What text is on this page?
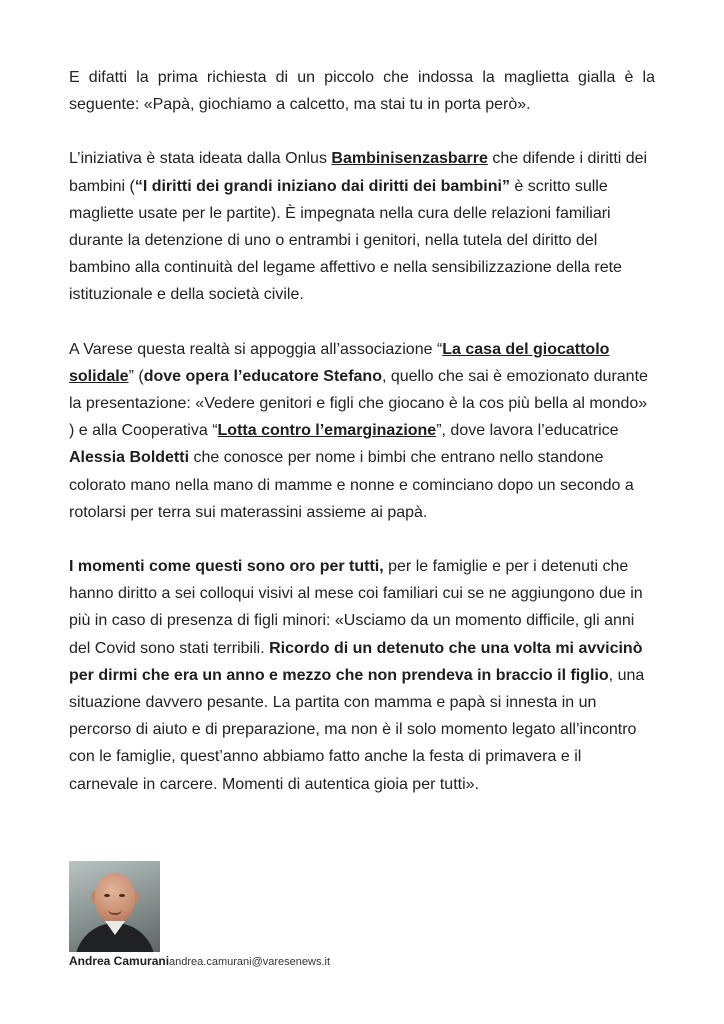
E difatti la prima richiesta di un piccolo che indossa la maglietta gialla è la seguente: «Papà, giochiamo a calcetto, ma stai tu in porta però».

L’iniziativa è stata ideata dalla Onlus Bambinisenzasbarre che difende i diritti dei bambini (“I diritti dei grandi iniziano dai diritti dei bambini” è scritto sulle magliette usate per le partite). È impegnata nella cura delle relazioni familiari durante la detenzione di uno o entrambi i genitori, nella tutela del diritto del bambino alla continuità del legame affettivo e nella sensibilizzazione della rete istituzionale e della società civile.

A Varese questa realtà si appoggia all’associazione “La casa del giocattolo solidale” (dove opera l’educatore Stefano, quello che sai è emozionato durante la presentazione: «Vedere genitori e figli che giocano è la cos più bella al mondo» ) e alla Cooperativa “Lotta contro l’emarginazione”, dove lavora l’educatrice Alessia Boldetti che conosce per nome i bimbi che entrano nello standone colorato mano nella mano di mamme e nonne e cominciano dopo un secondo a rotolarsi per terra sui materassini assieme ai papà.

I momenti come questi sono oro per tutti, per le famiglie e per i detenuti che hanno diritto a sei colloqui visivi al mese coi familiari cui se ne aggiungono due in più in caso di presenza di figli minori: «Usciamo da un momento difficile, gli anni del Covid sono stati terribili. Ricordo di un detenuto che una volta mi avvicinò per dirmi che era un anno e mezzo che non prendeva in braccio il figlio, una situazione davvero pesante. La partita con mamma e papà si innesta in un percorso di aiuto e di preparazione, ma non è il solo momento legato all’incontro con le famiglie, quest’anno abbiamo fatto anche la festa di primavera e il carnevale in carcere. Momenti di autentica gioia per tutti».

Andrea Camuraniandrea.camurani@varesenews.it
